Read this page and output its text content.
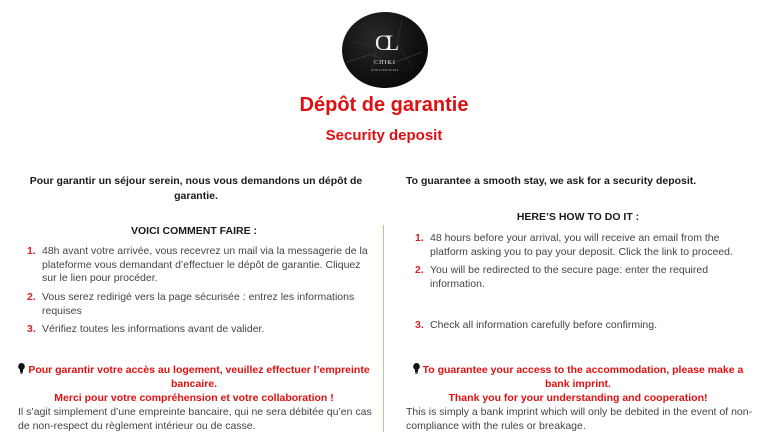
CL
CHIKI
CONCIERGERIE
Dépôt de garantie
Security deposit

Pour garantir un séjour serein, nous vous demandons un dépôt de garantie.

VOICI COMMENT FAIRE :

1. 48h avant votre arrivée, vous recevrez un mail via la messagerie de la plateforme vous demandant d’effectuer le dépôt de garantie. Cliquez sur le lien pour procéder.
2. Vous serez redirigé vers la page sécurisée : entrez les informations requises
3. Vérifiez toutes les informations avant de valider.
Pour garantir votre accès au logement, veuillez effectuer l’empreinte bancaire.
Merci pour votre compréhension et votre collaboration !

Il s’agit simplement d’une empreinte bancaire, qui ne sera débitée qu’en cas de non-respect du règlement intérieur ou de casse.

To guarantee a smooth stay, we ask for a security deposit.

HERE’S HOW TO DO IT :

1. 48 hours before your arrival, you will receive an email from the platform asking you to pay your deposit. Click the link to proceed.
2. You will be redirected to the secure page: enter the required information.
3. Check all information carefully before confirming.
To guarantee your access to the accommodation, please make a bank imprint.
Thank you for your understanding and cooperation!

This is simply a bank imprint which will only be debited in the event of non-compliance with the rules or breakage.
